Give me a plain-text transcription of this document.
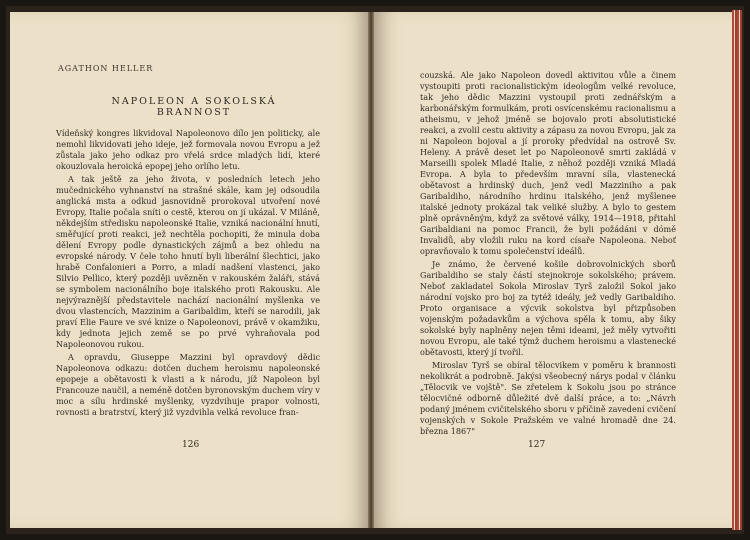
AGATHON HELLER
NAPOLEON A SOKOLSKÁ BRANNOST

Vídeňský kongres likvidoval Napoleonovo dílo jen politicky, ale nemohl likvidovati jeho ideje, jež formovala novou Evropu a jež zůstala jako jeho odkaz pro vřelá srdce mladých lidí, které okouzlovala heroická epopej jeho orlího letu.

A tak ještě za jeho života, v posledních letech jeho mučednického vyhnanství na strašné skále, kam jej odsoudila anglická msta a odkud jasnovidně prorokoval utvoření nové Evropy, Italie počala sníti o cestě, kterou on jí ukázal. V Miláně, někdejším středisku napoleonské Italie, vzniká nacionální hnutí, směřující proti reakci, jež nechtěla pochopiti, že minula doba dělení Evropy podle dynastických zájmů a bez ohledu na evropské národy. V čele toho hnutí byli liberální šlechtici, jako hrabě Confalonieri a Porro, a mladí nadšení vlastenci, jako Silvio Pellico, který později uvězněn v rakouském žaláři, stává se symbolem nacionálního boje italského proti Rakousku. Ale nejvýraznější představitele nachází nacionální myšlenka ve dvou vlastencích, Mazzinim a Garibaldim, kteří se narodili, jak praví Elie Faure ve své knize o Napoleonovi, právě v okamžiku, kdy jednota jejich země se po prvé vyhraňovala pod Napoleonovou rukou.

A opravdu, Giuseppe Mazzini byl opravdový dědic Napoleonova odkazu: dotčen duchem heroismu napoleonské epopeje a obětavosti k vlasti a k národu, jíž Napoleon byl Francouze naučil, a neméně dotčen byronovským duchem víry v moc a sílu hrdinské myšlenky, vyzdvihuje prapor volnosti, rovnosti a bratrství, který již vyzdvihla velká revoluce fran-

couzská. Ale jako Napoleon dovedl aktivitou vůle a činem vystoupiti proti racionalistickým ideologům velké revoluce, tak jeho dědic Mazzini vystoupil proti zednářským a karbonářským formulkám, proti osvícenskému racionalismu a atheismu, v jehož jméně se bojovalo proti absolutistické reakci, a zvolil cestu aktivity a zápasu za novou Evropu, jak za ni Napoleon bojoval a jí proroky předvídal na ostrově Sv. Heleny. A právě deset let po Napoleonově smrti zakládá v Marseilli spolek Mladé Italie, z něhož později vzniká Mladá Evropa. A byla to především mravní síla, vlastenecká obětavost a hrdinský duch, jenž vedl Mazziniho a pak Garibaldiho, národního hrdinu italského, jenž myšlenee italské jednoty prokázal tak veliké služby. A bylo to gestem plně oprávněným, když za světové války, 1914—1918, přitahl Garibaldiani na pomoc Francii, že byli požádáni v dómě Invalidů, aby vložili ruku na kord císaře Napoleona. Neboť opravňovalo k tomu společenství ideálů.

Je známo, že červené košile dobrovolnických sborů Garibaldiho se staly částí stejnokroje sokolského; právem. Neboť zakladatel Sokola Miroslav Tyrš založil Sokol jako národní vojsko pro boj za tytéž ideály, jež vedly Garibaldiho. Proto organisace a výcvik sokolstva byl přizpůsoben vojenským požadavkům a výchova spěla k tomu, aby šiky sokolské byly naplněny nejen těmi ideami, jež měly vytvořiti novou Evropu, ale také týmž duchem heroismu a vlastenecké obětavosti, který jí tvořil.

Miroslav Tyrš se obíral tělocvikem v poměru k brannosti nekolikrát a podrobně. Jakýsi všeobecný nárys podal v článku „Tělocvik ve vojště". Se zřetelem k Sokolu jsou po stránce tělocvičné odborně důležité dvě další práce, a to: „Návrh podaný jménem cvičitelského sboru v příčině zavedení cvičení vojenských v Sokole Pražském ve valné hromadě dne 24. března 1867"

126	127
